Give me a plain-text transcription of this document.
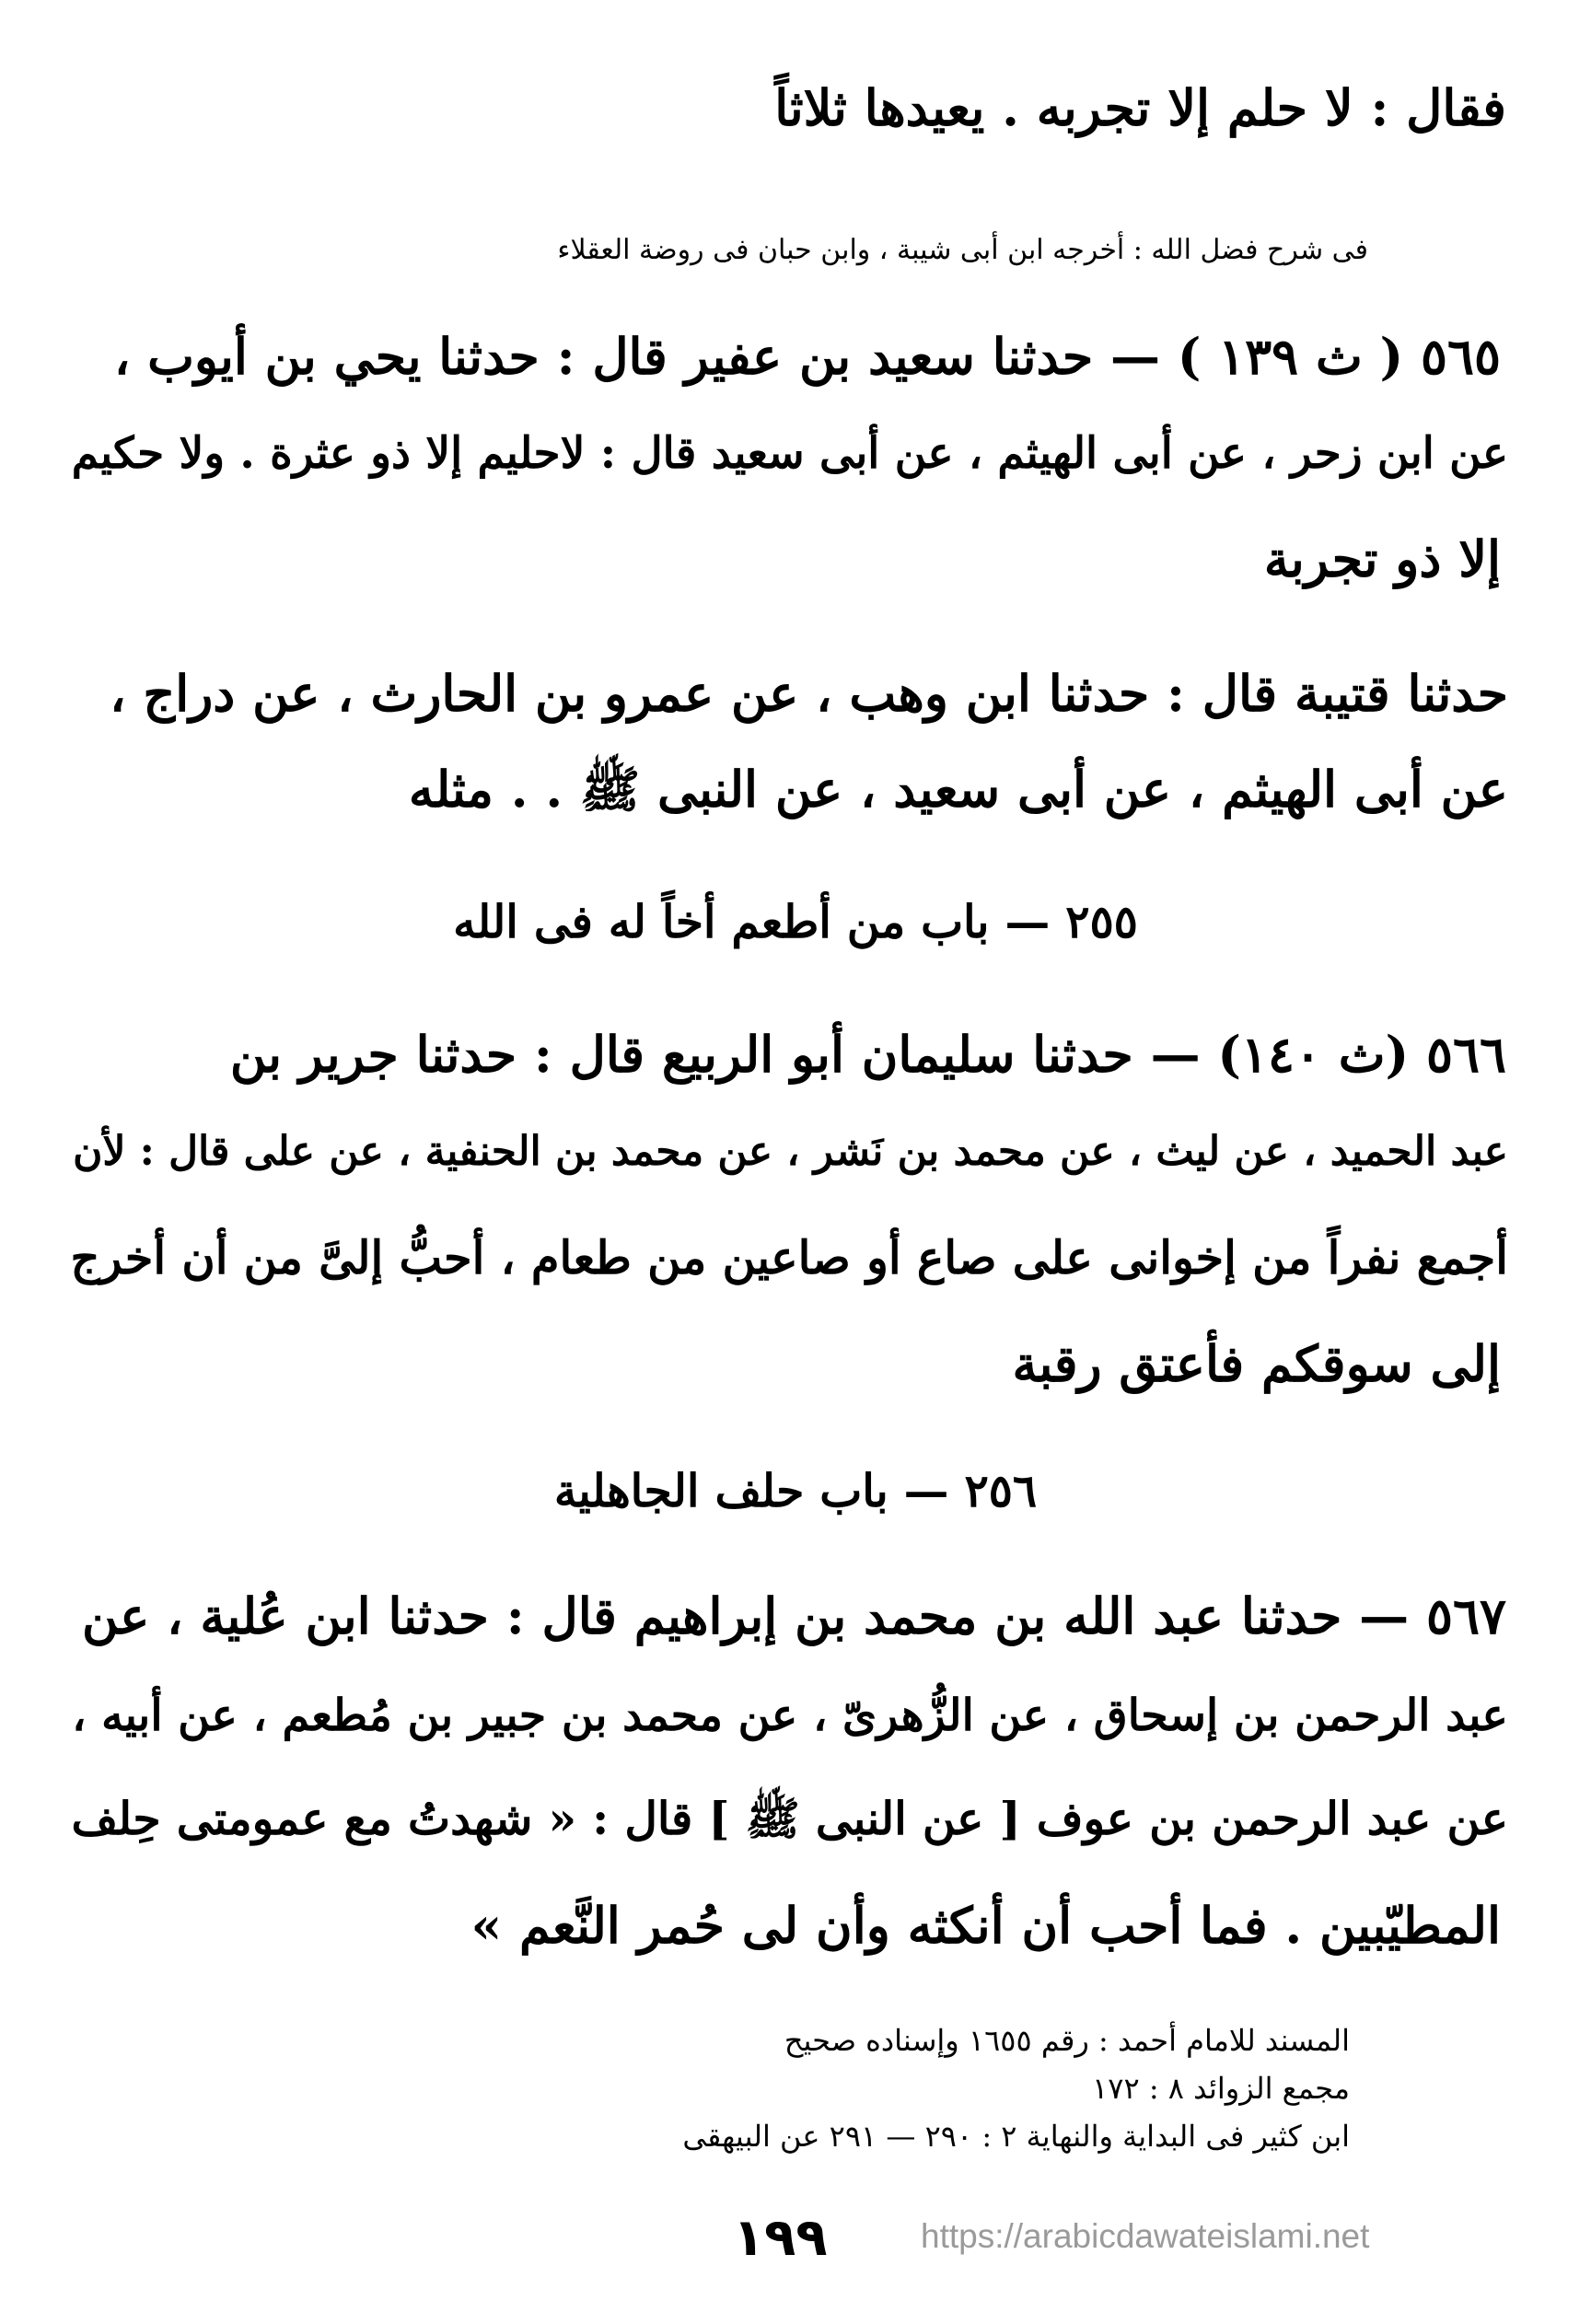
فقال : لا حلم إلا تجربه . يعيدها ثلاثاً
فى شرح فضل الله : أخرجه ابن أبى شيبة ، وابن حبان فى روضة العقلاء
٥٦٥ ( ث ١٣٩ ) — حدثنا سعيد بن عفير قال : حدثنا يحي بن أيوب ،
عن ابن زحر ، عن أبى الهيثم ، عن أبى سعيد قال : لاحليم إلا ذو عثرة . ولا حكيم
إلا ذو تجربة
حدثنا قتيبة قال : حدثنا ابن وهب ، عن عمرو بن الحارث ، عن دراج ،
عن أبى الهيثم ، عن أبى سعيد ، عن النبى ﷺ . . مثله
٢٥٥ — باب من أطعم أخاً له فى الله
٥٦٦ (ث ١٤٠) — حدثنا سليمان أبو الربيع قال : حدثنا جرير بن
عبد الحميد ، عن ليث ، عن محمد بن نَشر ، عن محمد بن الحنفية ، عن على قال : لأن
أجمع نفراً من إخوانى على صاع أو صاعين من طعام ، أحبُّ إلىَّ من أن أخرج
إلى سوقكم فأعتق رقبة
٢٥٦ — باب حلف الجاهلية
٥٦٧ — حدثنا عبد الله بن محمد بن إبراهيم قال : حدثنا ابن عُلية ، عن
عبد الرحمن بن إسحاق ، عن الزُّهرىّ ، عن محمد بن جبير بن مُطعم ، عن أبيه ،
عن عبد الرحمن بن عوف [ عن النبى ﷺ ] قال : « شهدتُ مع عمومتى حِلف
المطيّبين . فما أحب أن أنكثه وأن لى حُمر النَّعم »
المسند للامام أحمد : رقم ١٦٥٥ وإسناده صحيح
مجمع الزوائد ٨ : ١٧٢
ابن كثير فى البداية والنهاية ٢ : ٢٩٠ — ٢٩١ عن البيهقى
١٩٩	https://arabicdawateislami.net
